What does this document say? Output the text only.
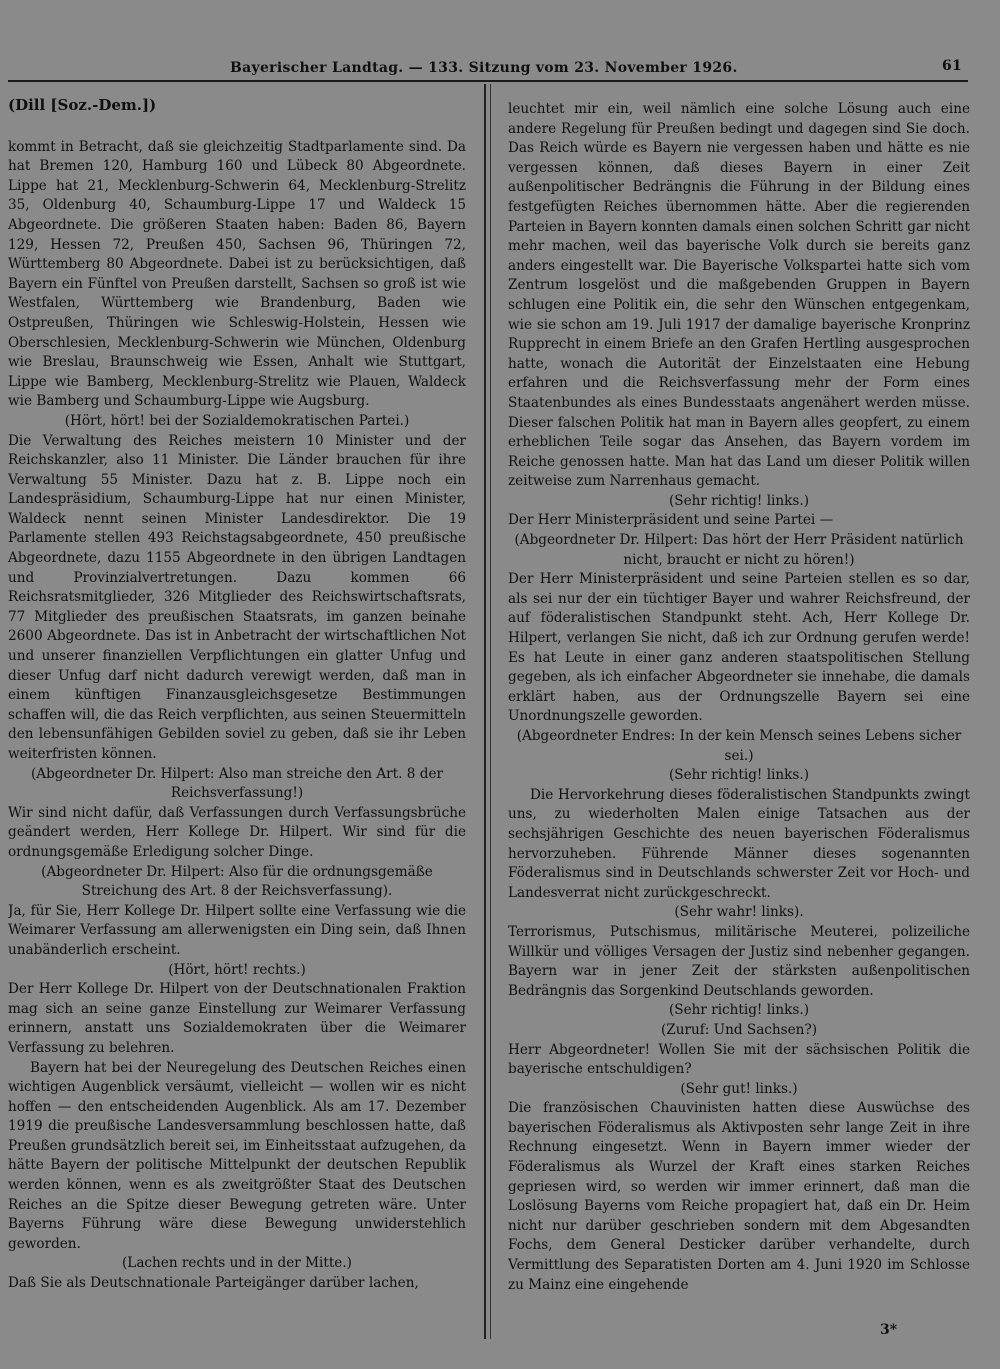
Bayerischer Landtag. — 133. Sitzung vom 23. November 1926.	61

(Dill [Soz.-Dem.])

kommt in Betracht, daß sie gleichzeitig Stadtparlamente sind. Da hat Bremen 120, Hamburg 160 und Lübeck 80 Abgeordnete. Lippe hat 21, Mecklenburg-Schwerin 64, Mecklenburg-Strelitz 35, Oldenburg 40, Schaumburg-Lippe 17 und Waldeck 15 Abgeordnete. Die größeren Staaten haben: Baden 86, Bayern 129, Hessen 72, Preußen 450, Sachsen 96, Thüringen 72, Württemberg 80 Abgeordnete. Dabei ist zu berücksichtigen, daß Bayern ein Fünftel von Preußen darstellt, Sachsen so groß ist wie Westfalen, Württemberg wie Brandenburg, Baden wie Ostpreußen, Thüringen wie Schleswig-Holstein, Hessen wie Oberschlesien, Mecklenburg-Schwerin wie München, Oldenburg wie Breslau, Braunschweig wie Essen, Anhalt wie Stuttgart, Lippe wie Bamberg, Mecklenburg-Strelitz wie Plauen, Waldeck wie Bamberg und Schaumburg-Lippe wie Augsburg.

(Hört, hört! bei der Sozialdemokratischen Partei.)

Die Verwaltung des Reiches meistern 10 Minister und der Reichskanzler, also 11 Minister. Die Länder brauchen für ihre Verwaltung 55 Minister. Dazu hat z. B. Lippe noch ein Landespräsidium, Schaumburg-Lippe hat nur einen Minister, Waldeck nennt seinen Minister Landesdirektor. Die 19 Parlamente stellen 493 Reichstagsabgeordnete, 450 preußische Abgeordnete, dazu 1155 Abgeordnete in den übrigen Landtagen und Provinzialvertretungen. Dazu kommen 66 Reichsratsmitglieder, 326 Mitglieder des Reichswirtschaftsrats, 77 Mitglieder des preußischen Staatsrats, im ganzen beinahe 2600 Abgeordnete. Das ist in Anbetracht der wirtschaftlichen Not und unserer finanziellen Verpflichtungen ein glatter Unfug und dieser Unfug darf nicht dadurch verewigt werden, daß man in einem künftigen Finanzausgleichsgesetze Bestimmungen schaffen will, die das Reich verpflichten, aus seinen Steuermitteln den lebensunfähigen Gebilden soviel zu geben, daß sie ihr Leben weiterfristen können.

(Abgeordneter Dr. Hilpert: Also man streiche den Art. 8 der Reichsverfassung!)

Wir sind nicht dafür, daß Verfassungen durch Verfassungsbrüche geändert werden, Herr Kollege Dr. Hilpert. Wir sind für die ordnungsgemäße Erledigung solcher Dinge.

(Abgeordneter Dr. Hilpert: Also für die ordnungsgemäße Streichung des Art. 8 der Reichsverfassung).

Ja, für Sie, Herr Kollege Dr. Hilpert sollte eine Verfassung wie die Weimarer Verfassung am allerwenigsten ein Ding sein, daß Ihnen unabänderlich erscheint.

(Hört, hört! rechts.)

Der Herr Kollege Dr. Hilpert von der Deutschnationalen Fraktion mag sich an seine ganze Einstellung zur Weimarer Verfassung erinnern, anstatt uns Sozialdemokraten über die Weimarer Verfassung zu belehren.

Bayern hat bei der Neuregelung des Deutschen Reiches einen wichtigen Augenblick versäumt, vielleicht — wollen wir es nicht hoffen — den entscheidenden Augenblick. Als am 17. Dezember 1919 die preußische Landesversammlung beschlossen hatte, daß Preußen grundsätzlich bereit sei, im Einheitsstaat aufzugehen, da hätte Bayern der politische Mittelpunkt der deutschen Republik werden können, wenn es als zweitgrößter Staat des Deutschen Reiches an die Spitze dieser Bewegung getreten wäre. Unter Bayerns Führung wäre diese Bewegung unwiderstehlich geworden.

(Lachen rechts und in der Mitte.)

Daß Sie als Deutschnationale Parteigänger darüber lachen,

leuchtet mir ein, weil nämlich eine solche Lösung auch eine andere Regelung für Preußen bedingt und dagegen sind Sie doch. Das Reich würde es Bayern nie vergessen haben und hätte es nie vergessen können, daß dieses Bayern in einer Zeit außenpolitischer Bedrängnis die Führung in der Bildung eines festgefügten Reiches übernommen hätte. Aber die regierenden Parteien in Bayern konnten damals einen solchen Schritt gar nicht mehr machen, weil das bayerische Volk durch sie bereits ganz anders eingestellt war. Die Bayerische Volkspartei hatte sich vom Zentrum losgelöst und die maßgebenden Gruppen in Bayern schlugen eine Politik ein, die sehr den Wünschen entgegenkam, wie sie schon am 19. Juli 1917 der damalige bayerische Kronprinz Rupprecht in einem Briefe an den Grafen Hertling ausgesprochen hatte, wonach die Autorität der Einzelstaaten eine Hebung erfahren und die Reichsverfassung mehr der Form eines Staatenbundes als eines Bundesstaats angenähert werden müsse. Dieser falschen Politik hat man in Bayern alles geopfert, zu einem erheblichen Teile sogar das Ansehen, das Bayern vordem im Reiche genossen hatte. Man hat das Land um dieser Politik willen zeitweise zum Narrenhaus gemacht.

(Sehr richtig! links.)

Der Herr Ministerpräsident und seine Partei —

(Abgeordneter Dr. Hilpert: Das hört der Herr Präsident natürlich nicht, braucht er nicht zu hören!)

Der Herr Ministerpräsident und seine Parteien stellen es so dar, als sei nur der ein tüchtiger Bayer und wahrer Reichsfreund, der auf föderalistischen Standpunkt steht. Ach, Herr Kollege Dr. Hilpert, verlangen Sie nicht, daß ich zur Ordnung gerufen werde! Es hat Leute in einer ganz anderen staatspolitischen Stellung gegeben, als ich einfacher Abgeordneter sie innehabe, die damals erklärt haben, aus der Ordnungszelle Bayern sei eine Unordnungszelle geworden.

(Abgeordneter Endres: In der kein Mensch seines Lebens sicher sei.)

(Sehr richtig! links.)

Die Hervorkehrung dieses föderalistischen Standpunkts zwingt uns, zu wiederholten Malen einige Tatsachen aus der sechsjährigen Geschichte des neuen bayerischen Föderalismus hervorzuheben. Führende Männer dieses sogenannten Föderalismus sind in Deutschlands schwerster Zeit vor Hoch- und Landesverrat nicht zurückgeschreckt.

(Sehr wahr! links).

Terrorismus, Putschismus, militärische Meuterei, polizeiliche Willkür und völliges Versagen der Justiz sind nebenher gegangen. Bayern war in jener Zeit der stärksten außenpolitischen Bedrängnis das Sorgenkind Deutschlands geworden.

(Sehr richtig! links.)

(Zuruf: Und Sachsen?)

Herr Abgeordneter! Wollen Sie mit der sächsischen Politik die bayerische entschuldigen?

(Sehr gut! links.)

Die französischen Chauvinisten hatten diese Auswüchse des bayerischen Föderalismus als Aktivposten sehr lange Zeit in ihre Rechnung eingesetzt. Wenn in Bayern immer wieder der Föderalismus als Wurzel der Kraft eines starken Reiches gepriesen wird, so werden wir immer erinnert, daß man die Loslösung Bayerns vom Reiche propagiert hat, daß ein Dr. Heim nicht nur darüber geschrieben sondern mit dem Abgesandten Fochs, dem General Desticker darüber verhandelte, durch Vermittlung des Separatisten Dorten am 4. Juni 1920 im Schlosse zu Mainz eine eingehende

3*
